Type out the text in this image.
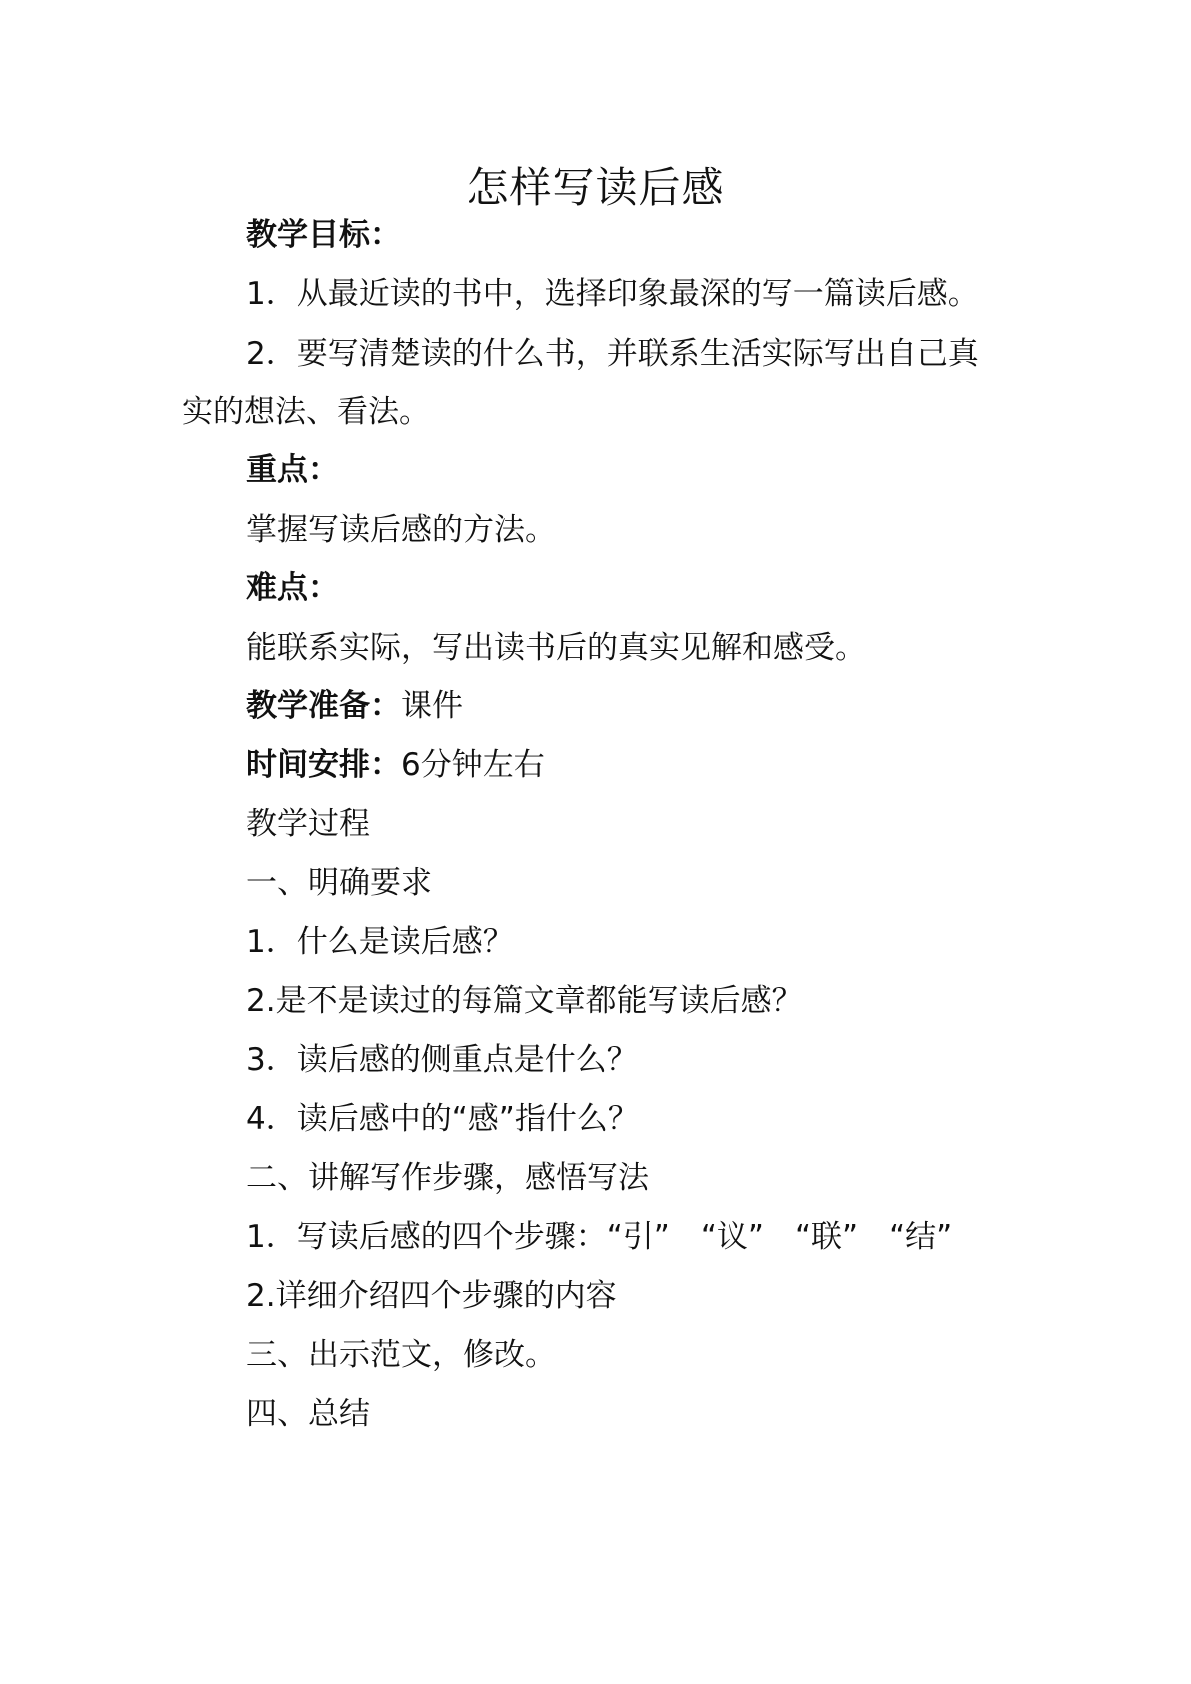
怎样写读后感
教学目标：
1．从最近读的书中，选择印象最深的写一篇读后感。
2．要写清楚读的什么书，并联系生活实际写出自己真
实的想法、看法。
重点：
掌握写读后感的方法。
难点：
能联系实际，写出读书后的真实见解和感受。
教学准备：课件
时间安排：6分钟左右
教学过程
一、明确要求
1．什么是读后感？
2.是不是读过的每篇文章都能写读后感？
3．读后感的侧重点是什么？
4．读后感中的“感”指什么？
二、讲解写作步骤，感悟写法
1．写读后感的四个步骤：“引”　“议”　“联”　“结”
2.详细介绍四个步骤的内容
三、出示范文，修改。
四、总结
